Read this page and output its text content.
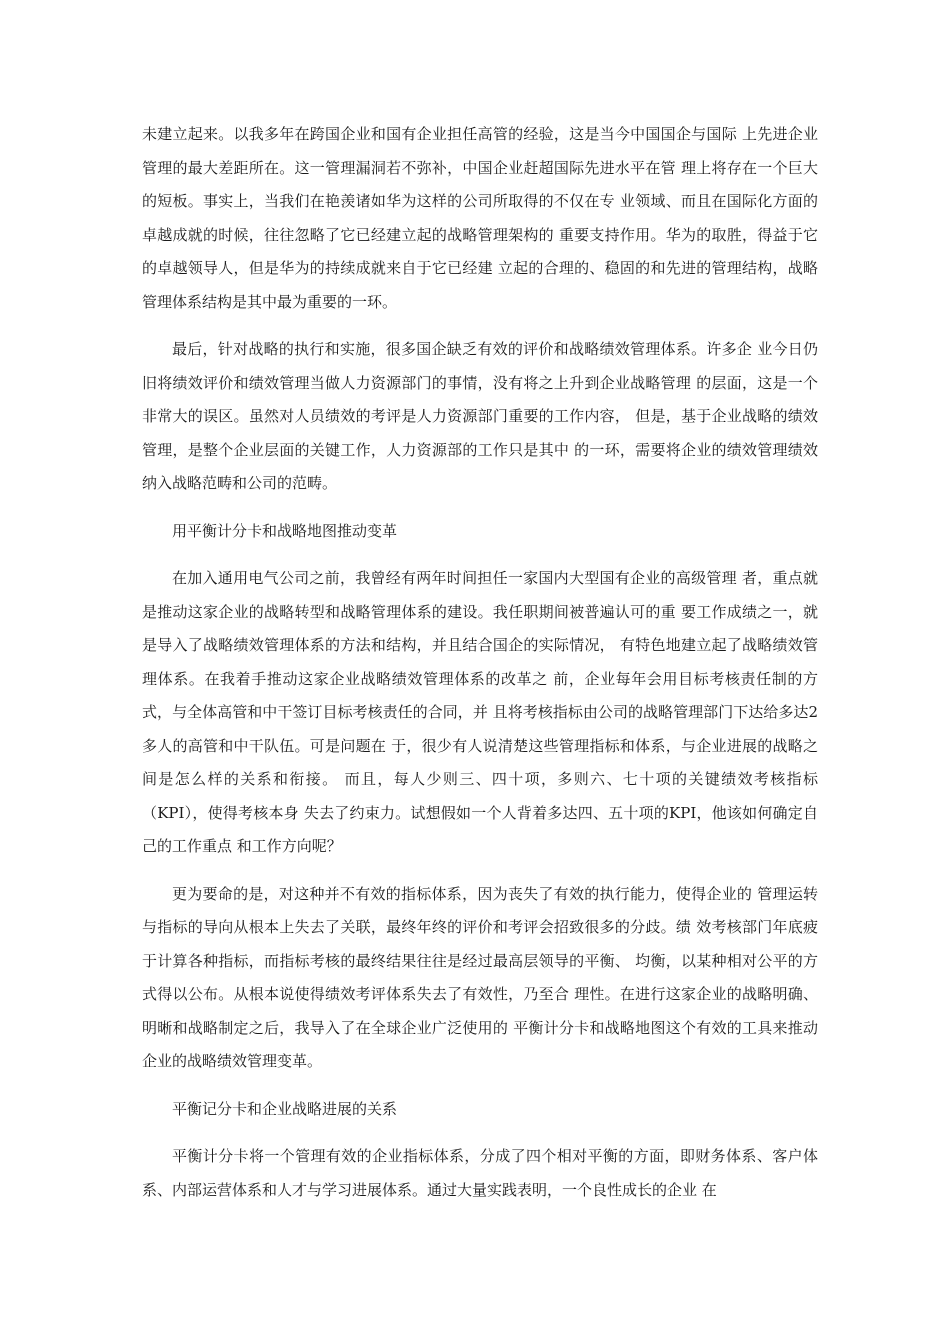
未建立起来。以我多年在跨国企业和国有企业担任高管的经验，这是当今中国国企与国际 上先进企业管理的最大差距所在。这一管理漏洞若不弥补，中国企业赶超国际先进水平在管 理上将存在一个巨大的短板。事实上，当我们在艳羡诸如华为这样的公司所取得的不仅在专 业领域、而且在国际化方面的卓越成就的时候，往往忽略了它已经建立起的战略管理架构的 重要支持作用。华为的取胜，得益于它的卓越领导人，但是华为的持续成就来自于它已经建 立起的合理的、稳固的和先进的管理结构，战略管理体系结构是其中最为重要的一环。

最后，针对战略的执行和实施，很多国企缺乏有效的评价和战略绩效管理体系。许多企 业今日仍旧将绩效评价和绩效管理当做人力资源部门的事情，没有将之上升到企业战略管理 的层面，这是一个非常大的误区。虽然对人员绩效的考评是人力资源部门重要的工作内容， 但是，基于企业战略的绩效管理，是整个企业层面的关键工作，人力资源部的工作只是其中 的一环，需要将企业的绩效管理绩效纳入战略范畴和公司的范畴。

用平衡计分卡和战略地图推动变革

在加入通用电气公司之前，我曾经有两年时间担任一家国内大型国有企业的高级管理 者，重点就是推动这家企业的战略转型和战略管理体系的建设。我任职期间被普遍认可的重 要工作成绩之一，就是导入了战略绩效管理体系的方法和结构，并且结合国企的实际情况， 有特色地建立起了战略绩效管理体系。在我着手推动这家企业战略绩效管理体系的改革之 前，企业每年会用目标考核责任制的方式，与全体高管和中干签订目标考核责任的合同，并 且将考核指标由公司的战略管理部门下达给多达2多人的高管和中干队伍。可是问题在 于，很少有人说清楚这些管理指标和体系，与企业进展的战略之间是怎么样的关系和衔接。 而且，每人少则三、四十项，多则六、七十项的关键绩效考核指标（KPI），使得考核本身 失去了约束力。试想假如一个人背着多达四、五十项的KPI，他该如何确定自己的工作重点 和工作方向呢？

更为要命的是，对这种并不有效的指标体系，因为丧失了有效的执行能力，使得企业的 管理运转与指标的导向从根本上失去了关联，最终年终的评价和考评会招致很多的分歧。绩 效考核部门年底疲于计算各种指标，而指标考核的最终结果往往是经过最高层领导的平衡、 均衡，以某种相对公平的方式得以公布。从根本说使得绩效考评体系失去了有效性，乃至合 理性。在进行这家企业的战略明确、明晰和战略制定之后，我导入了在全球企业广泛使用的 平衡计分卡和战略地图这个有效的工具来推动企业的战略绩效管理变革。

平衡记分卡和企业战略进展的关系

平衡计分卡将一个管理有效的企业指标体系，分成了四个相对平衡的方面，即财务体系、客户体系、内部运营体系和人才与学习进展体系。通过大量实践表明，一个良性成长的企业 在
